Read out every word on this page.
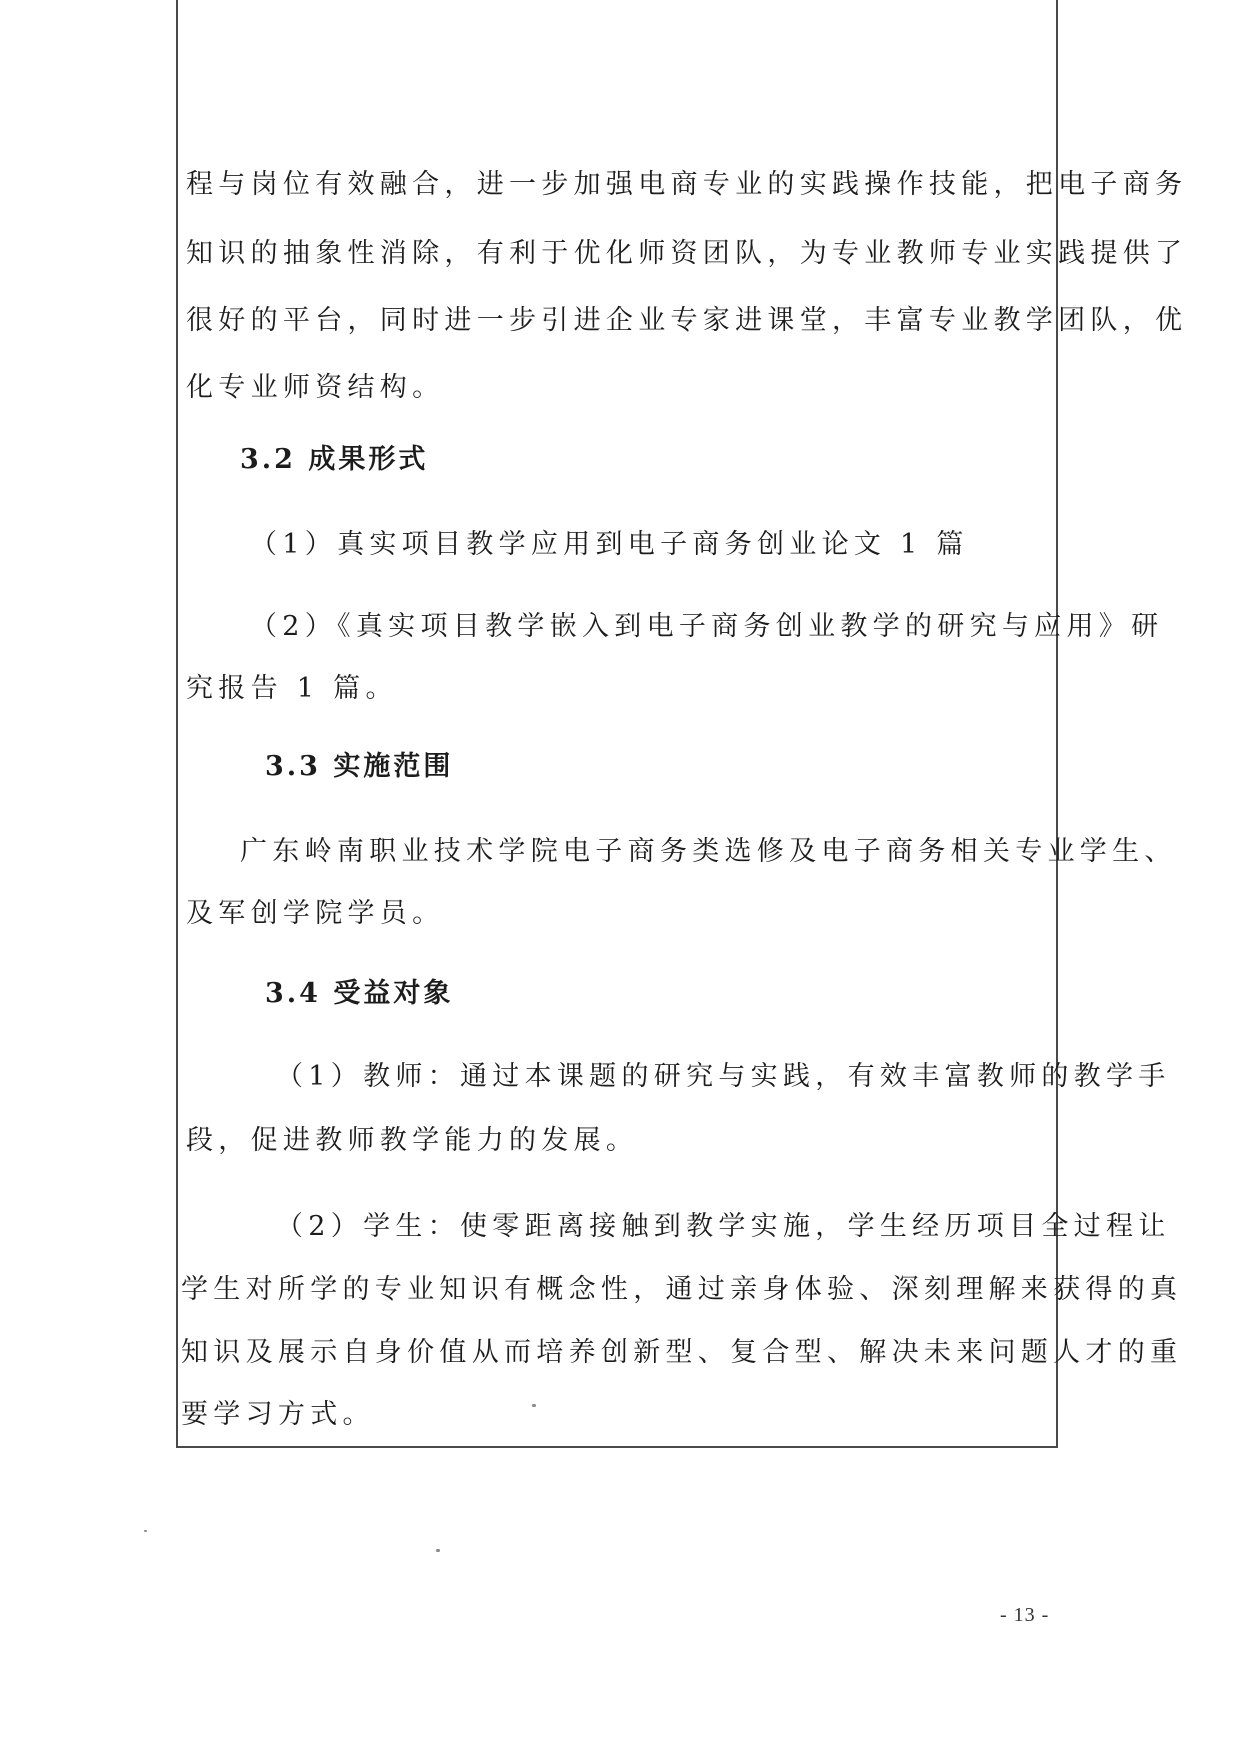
程与岗位有效融合，进一步加强电商专业的实践操作技能，把电子商务
知识的抽象性消除，有利于优化师资团队，为专业教师专业实践提供了
很好的平台，同时进一步引进企业专家进课堂，丰富专业教学团队，优
化专业师资结构。
3.2 成果形式
（1）真实项目教学应用到电子商务创业论文 1 篇
（2）《真实项目教学嵌入到电子商务创业教学的研究与应用》研
究报告 1 篇。
3.3 实施范围
广东岭南职业技术学院电子商务类选修及电子商务相关专业学生、
及军创学院学员。
3.4 受益对象
（1）教师：通过本课题的研究与实践，有效丰富教师的教学手
段，促进教师教学能力的发展。
（2）学生：使零距离接触到教学实施，学生经历项目全过程让
学生对所学的专业知识有概念性，通过亲身体验、深刻理解来获得的真
知识及展示自身价值从而培养创新型、复合型、解决未来问题人才的重
要学习方式。
- 13 -
